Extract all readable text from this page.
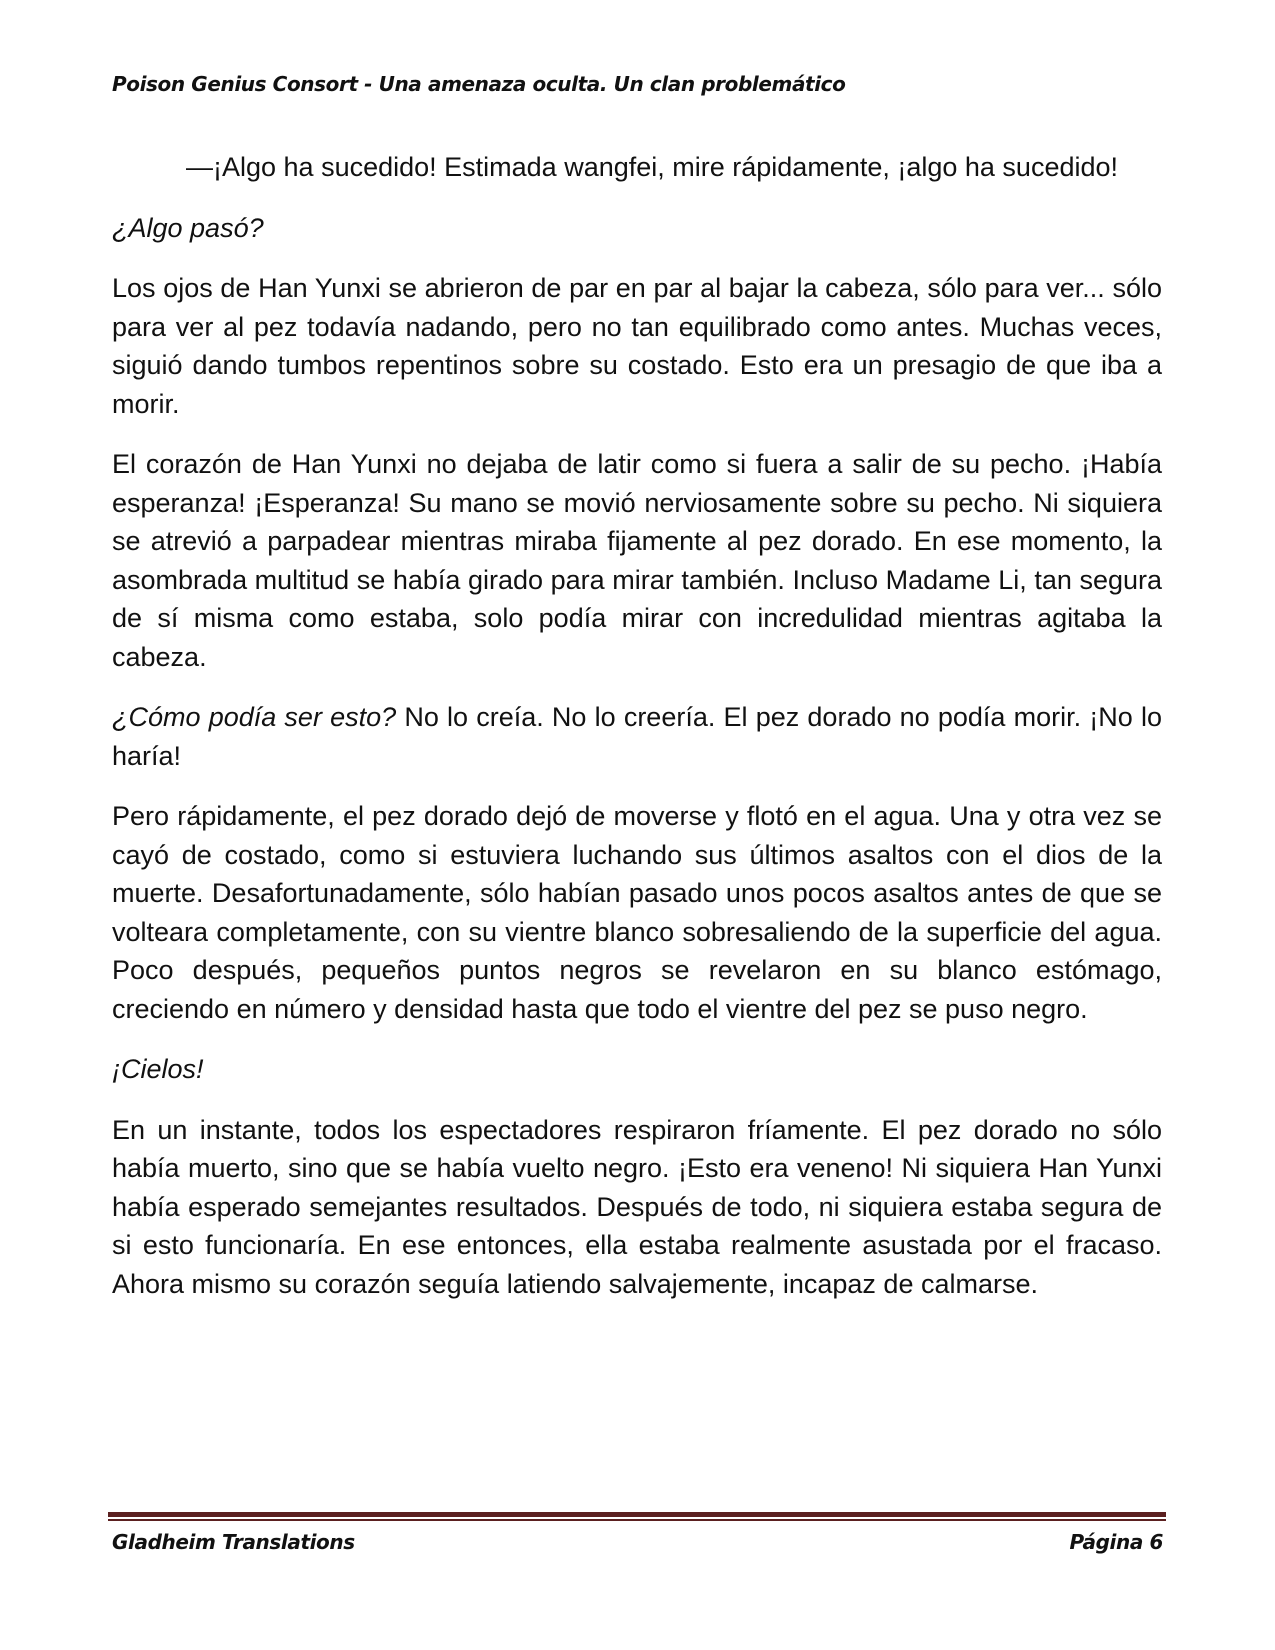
Poison Genius Consort - Una amenaza oculta. Un clan problemático

—¡Algo ha sucedido! Estimada wangfei, mire rápidamente, ¡algo ha sucedido!

¿Algo pasó?

Los ojos de Han Yunxi se abrieron de par en par al bajar la cabeza, sólo para ver... sólo para ver al pez todavía nadando, pero no tan equilibrado como antes. Muchas veces, siguió dando tumbos repentinos sobre su costado. Esto era un presagio de que iba a morir.

El corazón de Han Yunxi no dejaba de latir como si fuera a salir de su pecho. ¡Había esperanza! ¡Esperanza! Su mano se movió nerviosamente sobre su pecho. Ni siquiera se atrevió a parpadear mientras miraba fijamente al pez dorado. En ese momento, la asombrada multitud se había girado para mirar también. Incluso Madame Li, tan segura de sí misma como estaba, solo podía mirar con incredulidad mientras agitaba la cabeza.

¿Cómo podía ser esto? No lo creía. No lo creería. El pez dorado no podía morir. ¡No lo haría!

Pero rápidamente, el pez dorado dejó de moverse y flotó en el agua. Una y otra vez se cayó de costado, como si estuviera luchando sus últimos asaltos con el dios de la muerte. Desafortunadamente, sólo habían pasado unos pocos asaltos antes de que se volteara completamente, con su vientre blanco sobresaliendo de la superficie del agua. Poco después, pequeños puntos negros se revelaron en su blanco estómago, creciendo en número y densidad hasta que todo el vientre del pez se puso negro.

¡Cielos!

En un instante, todos los espectadores respiraron fríamente. El pez dorado no sólo había muerto, sino que se había vuelto negro. ¡Esto era veneno! Ni siquiera Han Yunxi había esperado semejantes resultados. Después de todo, ni siquiera estaba segura de si esto funcionaría. En ese entonces, ella estaba realmente asustada por el fracaso. Ahora mismo su corazón seguía latiendo salvajemente, incapaz de calmarse.

Gladheim Translations	Página 6
